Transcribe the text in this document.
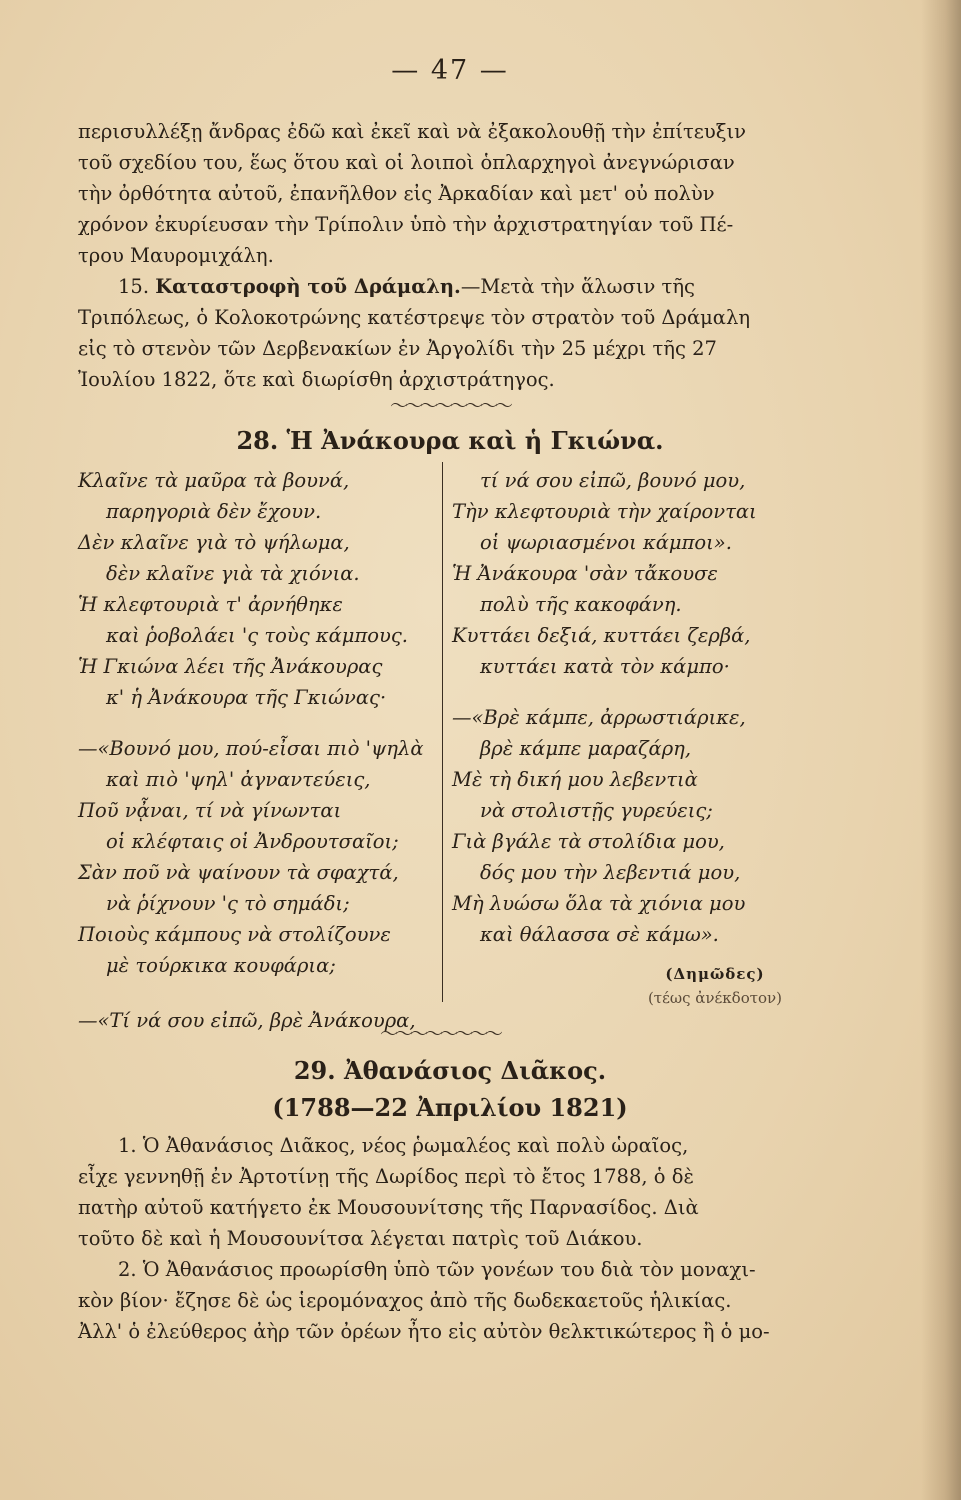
— 47 —

περισυλλέξῃ ἄνδρας ἐδῶ καὶ ἐκεῖ καὶ νὰ ἐξακολουθῇ τὴν ἐπίτευξιν

τοῦ σχεδίου του, ἕως ὅτου καὶ οἱ λοιποὶ ὁπλαρχηγοὶ ἀνεγνώρισαν

τὴν ὀρθότητα αὐτοῦ, ἐπανῆλθον εἰς Ἀρκαδίαν καὶ μετ' οὐ πολὺν

χρόνον ἐκυρίευσαν τὴν Τρίπολιν ὑπὸ τὴν ἀρχιστρατηγίαν τοῦ Πέ-

τρου Μαυρομιχάλη.

15. Καταστροφὴ τοῦ Δράμαλη.—Μετὰ τὴν ἅλωσιν τῆς

Τριπόλεως, ὁ Κολοκοτρώνης κατέστρεψε τὸν στρατὸν τοῦ Δράμαλη

εἰς τὸ στενὸν τῶν Δερβενακίων ἐν Ἀργολίδι τὴν 25 μέχρι τῆς 27

Ἰουλίου 1822, ὅτε καὶ διωρίσθη ἀρχιστράτηγος.

〜〜〜〜〜〜〜〜
28. Ἡ Ἀνάκουρα καὶ ἡ Γκιώνα.
Κλαῖνε τὰ μαῦρα τὰ βουνά,
παρηγοριὰ δὲν ἔχουν.
Δὲν κλαῖνε γιὰ τὸ ψήλωμα,
δὲν κλαῖνε γιὰ τὰ χιόνια.
Ἡ κλεφτουριὰ τ' ἀρνήθηκε
καὶ ῥοβολάει 'ς τοὺς κάμπους.
Ἡ Γκιώνα λέει τῆς Ἀνάκουρας
κ' ἡ Ἀνάκουρα τῆς Γκιώνας·
—«Βουνό μου, πού-εἶσαι πιὸ 'ψηλὰ
καὶ πιὸ 'ψηλ' ἀγναντεύεις,
Ποῦ νᾆναι, τί νὰ γίνωνται
οἱ κλέφταις οἱ Ἀνδρουτσαῖοι;
Σὰν ποῦ νὰ ψαίνουν τὰ σφαχτά,
νὰ ῥίχνουν 'ς τὸ σημάδι;
Ποιοὺς κάμπους νὰ στολίζουνε
μὲ τούρκικα κουφάρια;
—«Τί νά σου εἰπῶ, βρὲ Ἀνάκουρα,
τί νά σου εἰπῶ, βουνό μου,
Τὴν κλεφτουριὰ τὴν χαίρονται
οἱ ψωριασμένοι κάμποι».
Ἡ Ἀνάκουρα 'σὰν τἄκουσε
πολὺ τῆς κακοφάνη.
Κυττάει δεξιά, κυττάει ζερβά,
κυττάει κατὰ τὸν κάμπο·
—«Βρὲ κάμπε, ἀρρωστιάρικε,
βρὲ κάμπε μαραζάρη,
Μὲ τὴ δική μου λεβεντιὰ
νὰ στολιστῇς γυρεύεις;
Γιὰ βγάλε τὰ στολίδια μου,
δός μου τὴν λεβεντιά μου,
Μὴ λυώσω ὅλα τὰ χιόνια μου
καὶ θάλασσα σὲ κάμω».
(Δημῶδες)
(τέως ἀνέκδοτον)
〜〜〜〜〜〜〜〜
29. Ἀθανάσιος Διᾶκος.
(1788—22 Ἀπριλίου 1821)

1. Ὁ Ἀθανάσιος Διᾶκος, νέος ῥωμαλέος καὶ πολὺ ὡραῖος,

εἶχε γεννηθῇ ἐν Ἀρτοτίνῃ τῆς Δωρίδος περὶ τὸ ἔτος 1788, ὁ δὲ

πατὴρ αὐτοῦ κατήγετο ἐκ Μουσουνίτσης τῆς Παρνασίδος. Διὰ

τοῦτο δὲ καὶ ἡ Μουσουνίτσα λέγεται πατρὶς τοῦ Διάκου.

2. Ὁ Ἀθανάσιος προωρίσθη ὑπὸ τῶν γονέων του διὰ τὸν μοναχι-

κὸν βίον· ἔζησε δὲ ὡς ἱερομόναχος ἀπὸ τῆς δωδεκαετοῦς ἡλικίας.

Ἀλλ' ὁ ἐλεύθερος ἀὴρ τῶν ὀρέων ἦτο εἰς αὐτὸν θελκτικώτερος ἢ ὁ μο-
